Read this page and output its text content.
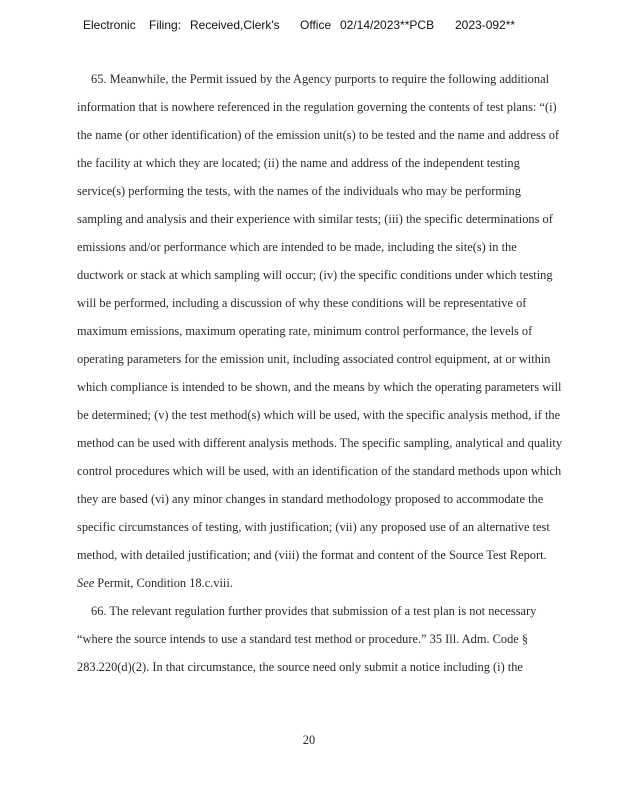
Electronic Filing: Received,Clerk's Office 02/14/2023**PCB 2023-092**
65. Meanwhile, the Permit issued by the Agency purports to require the following additional
information that is nowhere referenced in the regulation governing the contents of test plans: “(i)
the name (or other identification) of the emission unit(s) to be tested and the name and address of
the facility at which they are located; (ii) the name and address of the independent testing
service(s) performing the tests, with the names of the individuals who may be performing
sampling and analysis and their experience with similar tests; (iii) the specific determinations of
emissions and/or performance which are intended to be made, including the site(s) in the
ductwork or stack at which sampling will occur; (iv) the specific conditions under which testing
will be performed, including a discussion of why these conditions will be representative of
maximum emissions, maximum operating rate, minimum control performance, the levels of
operating parameters for the emission unit, including associated control equipment, at or within
which compliance is intended to be shown, and the means by which the operating parameters will
be determined; (v) the test method(s) which will be used, with the specific analysis method, if the
method can be used with different analysis methods. The specific sampling, analytical and quality
control procedures which will be used, with an identification of the standard methods upon which
they are based (vi) any minor changes in standard methodology proposed to accommodate the
specific circumstances of testing, with justification; (vii) any proposed use of an alternative test
method, with detailed justification; and (viii) the format and content of the Source Test Report.
See Permit, Condition 18.c.viii.
66. The relevant regulation further provides that submission of a test plan is not necessary
“where the source intends to use a standard test method or procedure.” 35 Ill. Adm. Code §
283.220(d)(2). In that circumstance, the source need only submit a notice including (i) the
20
